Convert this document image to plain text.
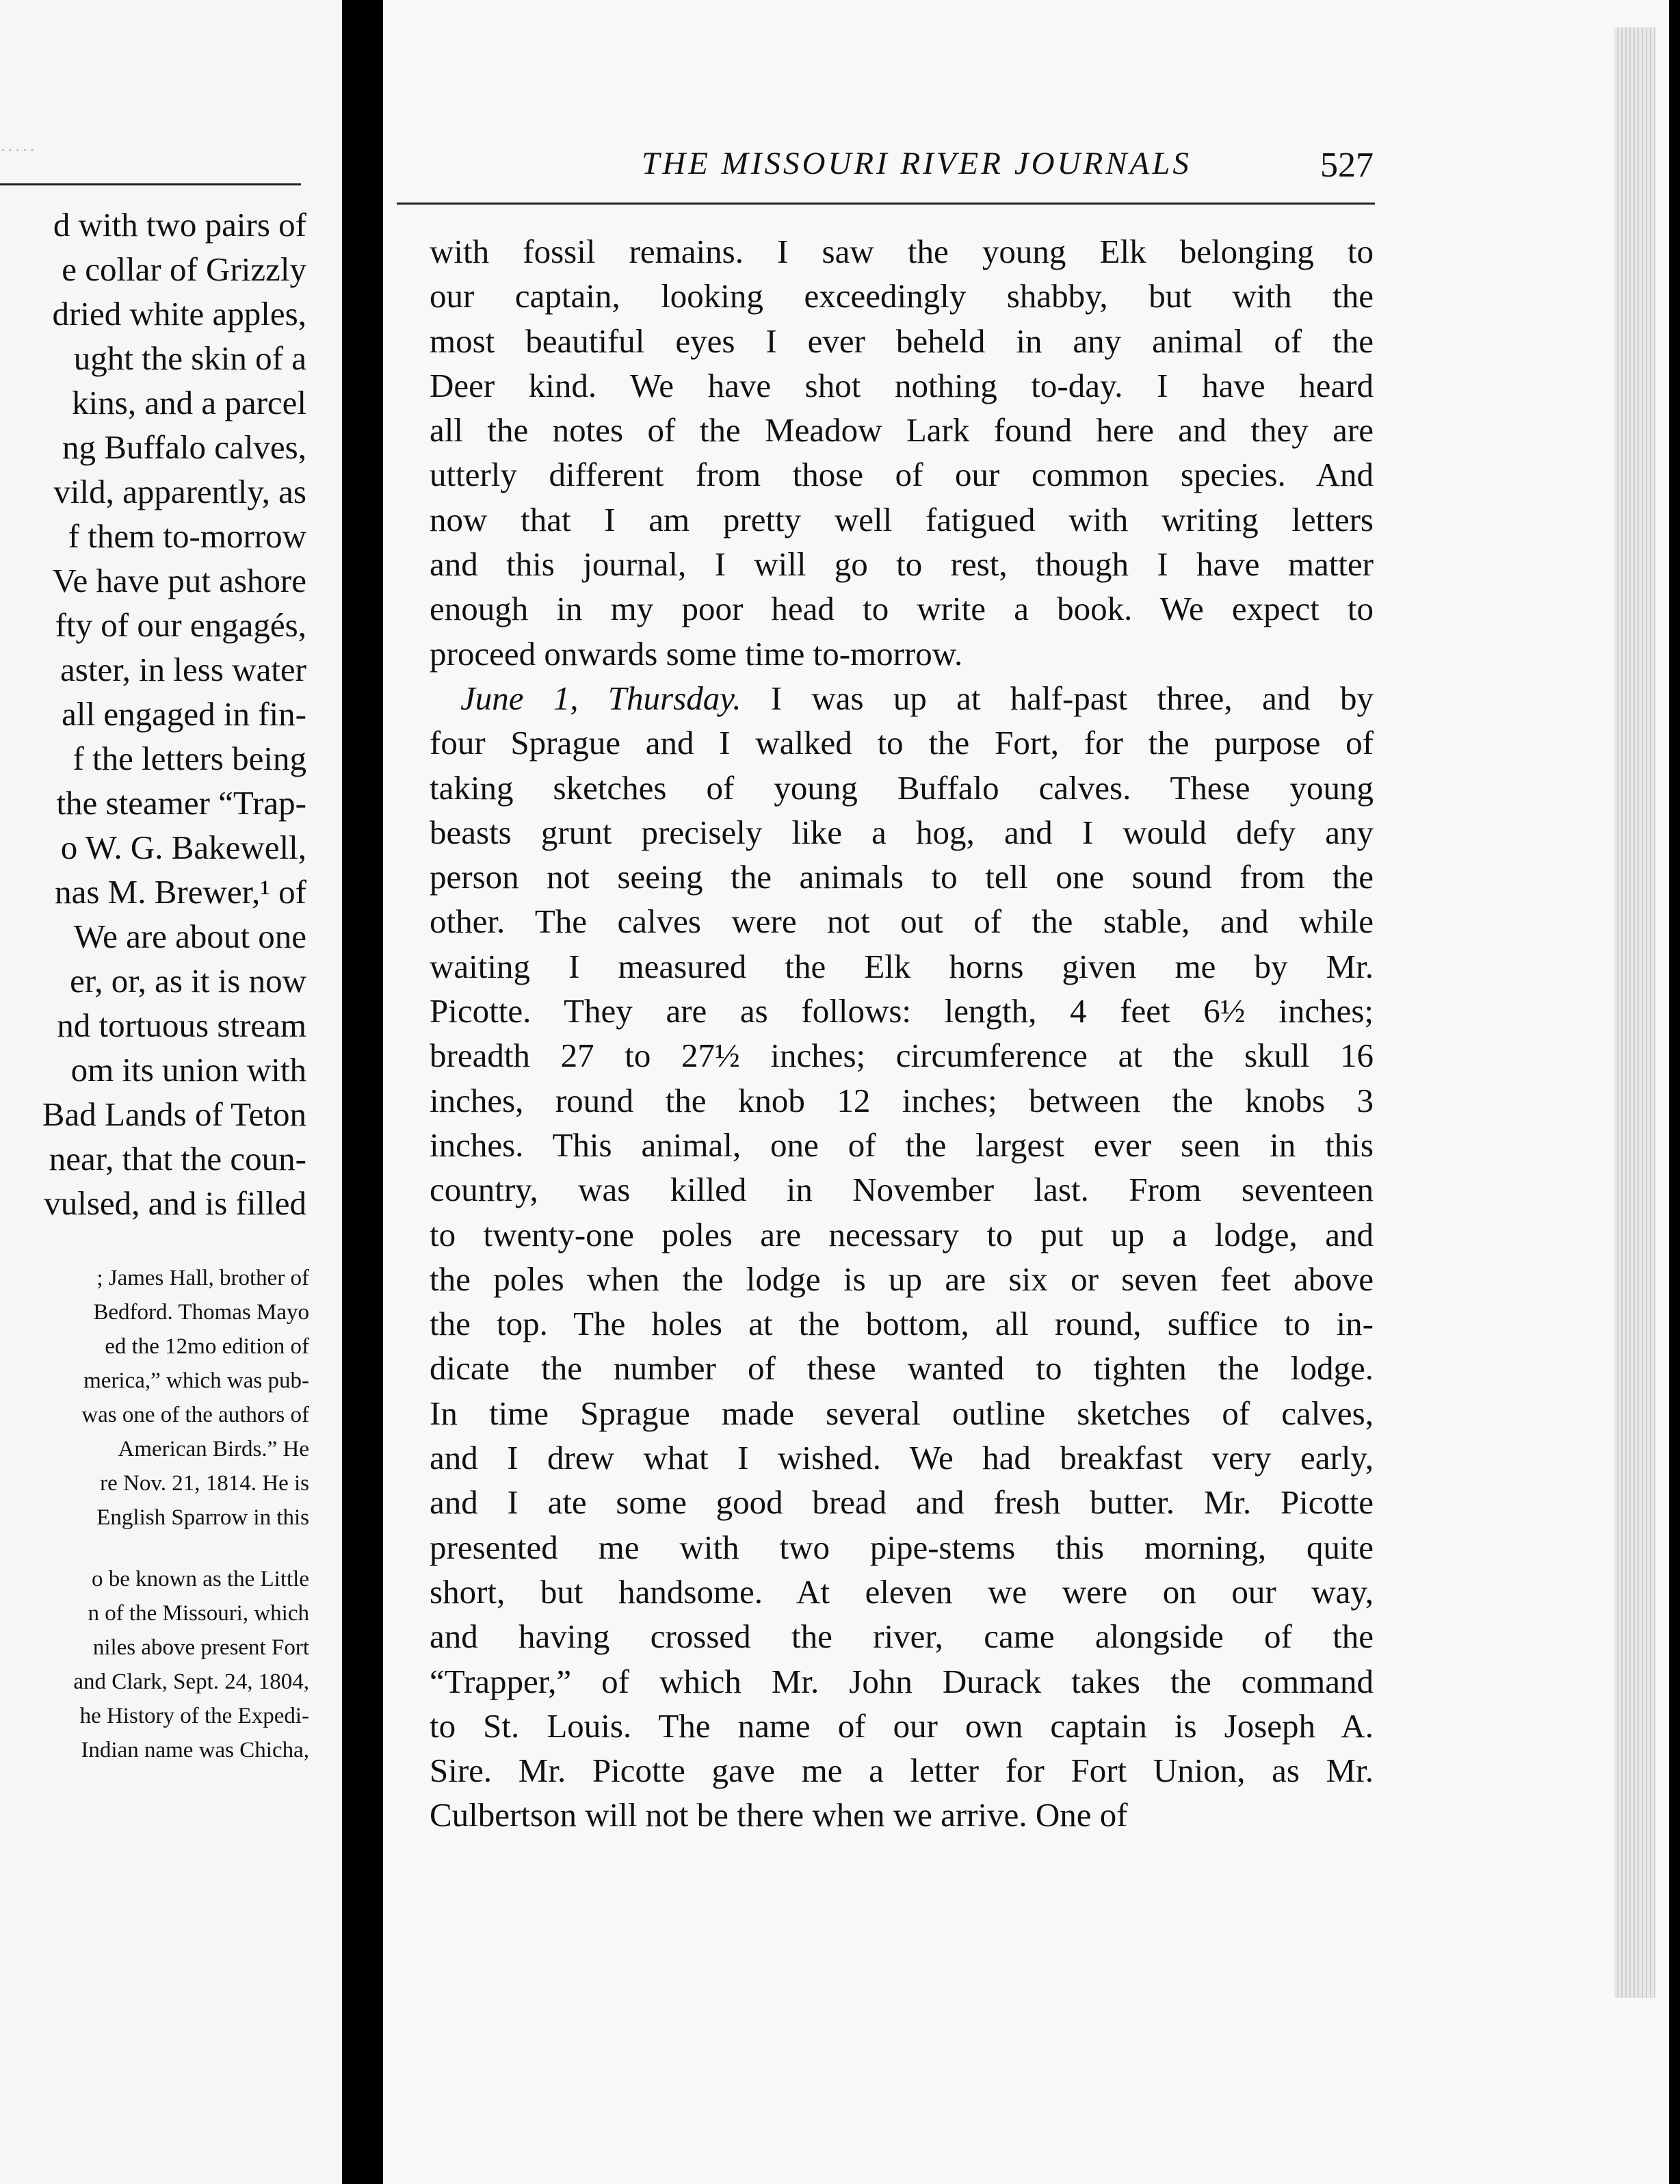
·····
d with two pairs of
e collar of Grizzly
dried white apples,
ught the skin of a
kins, and a parcel
ng Buffalo calves,
vild, apparently, as
f them to-morrow
Ve have put ashore
fty of our engagés,
aster, in less water
all engaged in fin-
f the letters being
the steamer “Trap-
o W. G. Bakewell,
nas M. Brewer,¹ of
We are about one
er, or, as it is now
nd tortuous stream
om its union with
Bad Lands of Teton
near, that the coun-
vulsed, and is filled
; James Hall, brother of
Bedford. Thomas Mayo
ed the 12mo edition of
merica,” which was pub-
was one of the authors of
American Birds.” He
re Nov. 21, 1814. He is
English Sparrow in this
o be known as the Little
n of the Missouri, which
niles above present Fort
and Clark, Sept. 24, 1804,
he History of the Expedi-
Indian name was Chicha,
THE MISSOURI RIVER JOURNALS	527
with fossil remains. I saw the young Elk belonging to
our captain, looking exceedingly shabby, but with the
most beautiful eyes I ever beheld in any animal of the
Deer kind. We have shot nothing to-day. I have heard
all the notes of the Meadow Lark found here and they are
utterly different from those of our common species. And
now that I am pretty well fatigued with writing letters
and this journal, I will go to rest, though I have matter
enough in my poor head to write a book. We expect to
proceed onwards some time to-morrow.
June 1, Thursday. I was up at half-past three, and by
four Sprague and I walked to the Fort, for the purpose of
taking sketches of young Buffalo calves. These young
beasts grunt precisely like a hog, and I would defy any
person not seeing the animals to tell one sound from the
other. The calves were not out of the stable, and while
waiting I measured the Elk horns given me by Mr.
Picotte. They are as follows: length, 4 feet 6½ inches;
breadth 27 to 27½ inches; circumference at the skull 16
inches, round the knob 12 inches; between the knobs 3
inches. This animal, one of the largest ever seen in this
country, was killed in November last. From seventeen
to twenty-one poles are necessary to put up a lodge, and
the poles when the lodge is up are six or seven feet above
the top. The holes at the bottom, all round, suffice to in-
dicate the number of these wanted to tighten the lodge.
In time Sprague made several outline sketches of calves,
and I drew what I wished. We had breakfast very early,
and I ate some good bread and fresh butter. Mr. Picotte
presented me with two pipe-stems this morning, quite
short, but handsome. At eleven we were on our way,
and having crossed the river, came alongside of the
“Trapper,” of which Mr. John Durack takes the command
to St. Louis. The name of our own captain is Joseph A.
Sire. Mr. Picotte gave me a letter for Fort Union, as Mr.
Culbertson will not be there when we arrive. One of
